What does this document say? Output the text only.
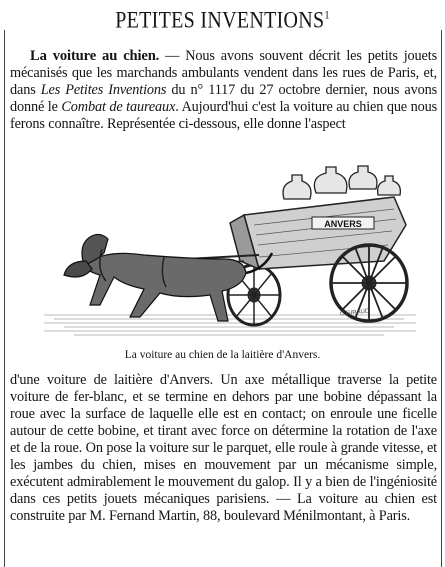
PETITES INVENTIONS$^1$
La voiture au chien. — Nous avons souvent décrit les petits jouets mécanisés que les marchands ambulants vendent dans les rues de Paris, et, dans Les Petites Inventions du n° 1117 du 27 octobre dernier, nous avons donné le Combat de taureaux. Aujourd'hui c'est la voiture au chien que nous ferons connaître. Représentée ci-dessous, elle donne l'aspect
ANVERS
C.GIRAUD
La voiture au chien de la laitière d'Anvers.
d'une voiture de laitière d'Anvers. Un axe métallique traverse la petite voiture de fer-blanc, et se termine en dehors par une bobine dépassant la roue avec la surface de laquelle elle est en contact; on enroule une ficelle autour de cette bobine, et tirant avec force on détermine la rotation de l'axe et de la roue. On pose la voiture sur le parquet, elle roule à grande vitesse, et les jambes du chien, mises en mouvement par un mécanisme simple, exécutent admirablement le mouvement du galop. Il y a bien de l'ingéniosité dans ces petits jouets mécaniques parisiens. — La voiture au chien est construite par M. Fernand Martin, 88, boulevard Ménilmontant, à Paris.
